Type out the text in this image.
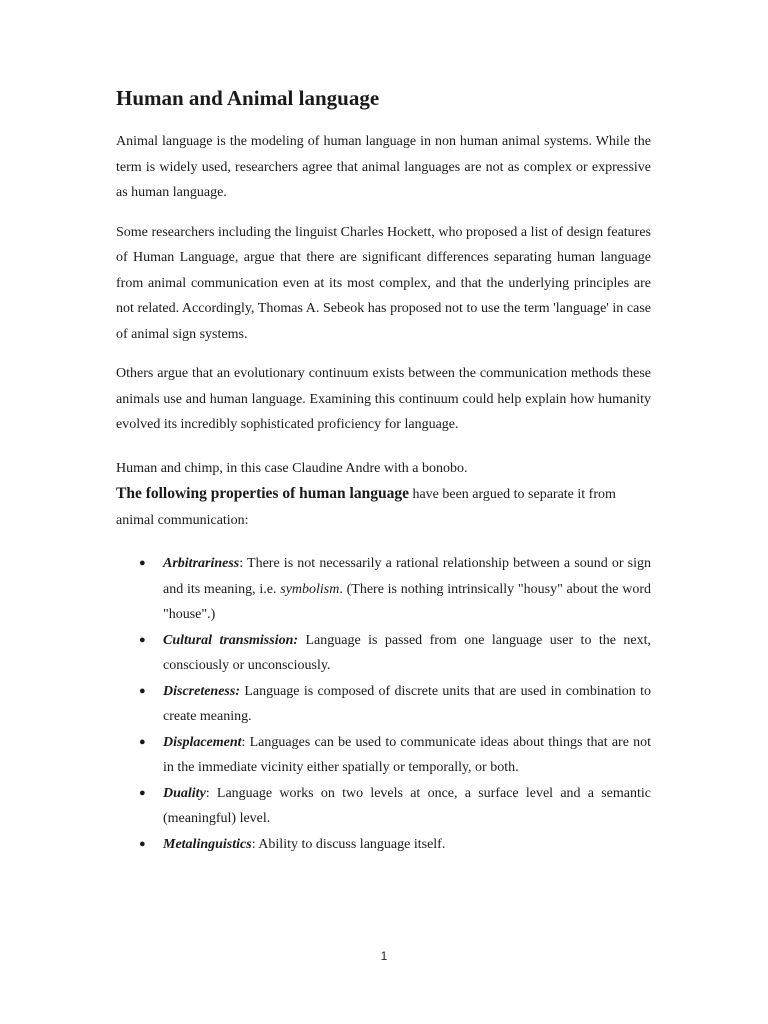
Human and Animal language

Animal language is the modeling of human language in non human animal systems. While the term is widely used, researchers agree that animal languages are not as complex or expressive as human language.

Some researchers including the linguist Charles Hockett, who proposed a list of design features of Human Language, argue that there are significant differences separating human language from animal communication even at its most complex, and that the underlying principles are not related. Accordingly, Thomas A. Sebeok has proposed not to use the term 'language' in case of animal sign systems.

Others argue that an evolutionary continuum exists between the communication methods these animals use and human language. Examining this continuum could help explain how humanity evolved its incredibly sophisticated proficiency for language.

Human and chimp, in this case Claudine Andre with a bonobo.

The following properties of human language have been argued to separate it from animal communication:

● Arbitrariness: There is not necessarily a rational relationship between a sound or sign and its meaning, i.e. symbolism. (There is nothing intrinsically "housy" about the word "house".)
● Cultural transmission: Language is passed from one language user to the next, consciously or unconsciously.
● Discreteness: Language is composed of discrete units that are used in combination to create meaning.
● Displacement: Languages can be used to communicate ideas about things that are not in the immediate vicinity either spatially or temporally, or both.
● Duality: Language works on two levels at once, a surface level and a semantic (meaningful) level.
● Metalinguistics: Ability to discuss language itself.
1
